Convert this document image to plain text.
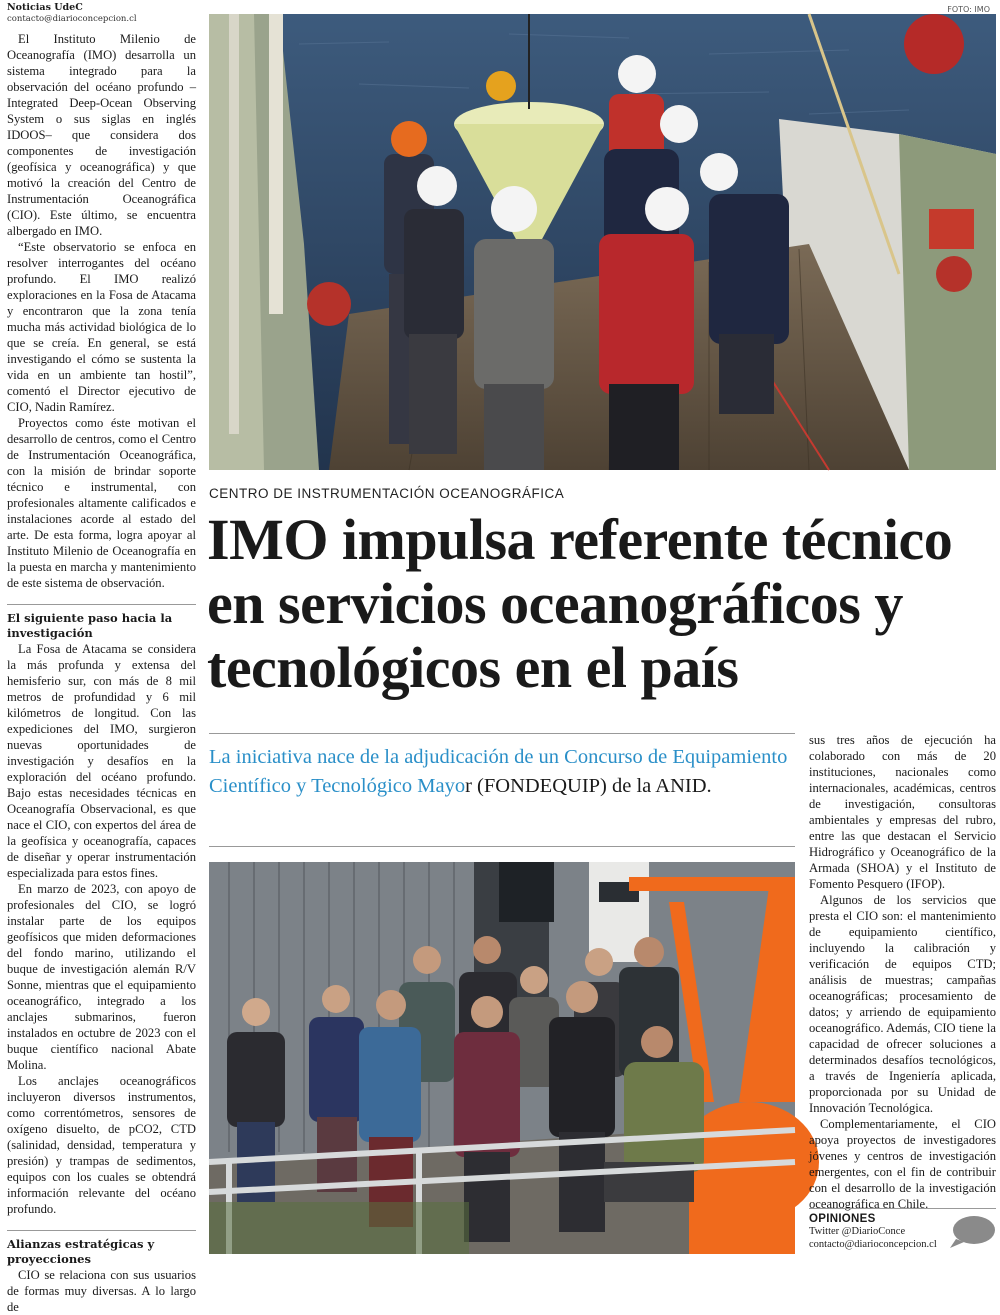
Noticias UdeC
contacto@diarioconcepcion.cl

El Instituto Milenio de Oceanografía (IMO) desarrolla un sistema integrado para la observación del océano profundo –Integrated Deep-Ocean Observing System o sus siglas en inglés IDOOS– que considera dos componentes de investigación (geofísica y oceanográfica) y que motivó la creación del Centro de Instrumentación Oceanográfica (CIO). Este último, se encuentra albergado en IMO.

“Este observatorio se enfoca en resolver interrogantes del océano profundo. El IMO realizó exploraciones en la Fosa de Atacama y encontraron que la zona tenía mucha más actividad biológica de lo que se creía. En general, se está investigando el cómo se sustenta la vida en un ambiente tan hostil”, comentó el Director ejecutivo de CIO, Nadin Ramírez.

Proyectos como éste motivan el desarrollo de centros, como el Centro de Instrumentación Oceanográfica, con la misión de brindar soporte técnico e instrumental, con profesionales altamente calificados e instalaciones acorde al estado del arte. De esta forma, logra apoyar al Instituto Milenio de Oceanografía en la puesta en marcha y mantenimiento de este sistema de observación.

El siguiente paso hacia la investigación

La Fosa de Atacama se considera la más profunda y extensa del hemisferio sur, con más de 8 mil metros de profundidad y 6 mil kilómetros de longitud. Con las expediciones del IMO, surgieron nuevas oportunidades de investigación y desafíos en la exploración del océano profundo. Bajo estas necesidades técnicas en Oceanografía Observacional, es que nace el CIO, con expertos del área de la geofísica y oceanografía, capaces de diseñar y operar instrumentación especializada para estos fines.

En marzo de 2023, con apoyo de profesionales del CIO, se logró instalar parte de los equipos geofísicos que miden deformaciones del fondo marino, utilizando el buque de investigación alemán R/V Sonne, mientras que el equipamiento oceanográfico, integrado a los anclajes submarinos, fueron instalados en octubre de 2023 con el buque científico nacional Abate Molina.

Los anclajes oceanográficos incluyeron diversos instrumentos, como correntómetros, sensores de oxígeno disuelto, de pCO2, CTD (salinidad, densidad, temperatura y presión) y trampas de sedimentos, equipos con los cuales se obtendrá información relevante del océano profundo.

Alianzas estratégicas y proyecciones

CIO se relaciona con sus usuarios de formas muy diversas. A lo largo de

FOTO: IMO
CENTRO DE INSTRUMENTACIÓN OCEANOGRÁFICA
IMO impulsa referente técnico en servicios oceanográficos y tecnológicos en el país
La iniciativa nace de la adjudicación de un Concurso de Equipamiento Científico y Tecnológico Mayor (FONDEQUIP) de la ANID.

sus tres años de ejecución ha colaborado con más de 20 instituciones, nacionales como internacionales, académicas, centros de investigación, consultoras ambientales y empresas del rubro, entre las que destacan el Servicio Hidrográfico y Oceanográfico de la Armada (SHOA) y el Instituto de Fomento Pesquero (IFOP).

Algunos de los servicios que presta el CIO son: el mantenimiento de equipamiento científico, incluyendo la calibración y verificación de equipos CTD; análisis de muestras; campañas oceanográficas; procesamiento de datos; y arriendo de equipamiento oceanográfico. Además, CIO tiene la capacidad de ofrecer soluciones a determinados desafíos tecnológicos, a través de Ingeniería aplicada, proporcionada por su Unidad de Innovación Tecnológica.

Complementariamente, el CIO apoya proyectos de investigadores jóvenes y centros de investigación emergentes, con el fin de contribuir con el desarrollo de la investigación oceanográfica en Chile.

OPINIONES
Twitter @DiarioConce
contacto@diarioconcepcion.cl
